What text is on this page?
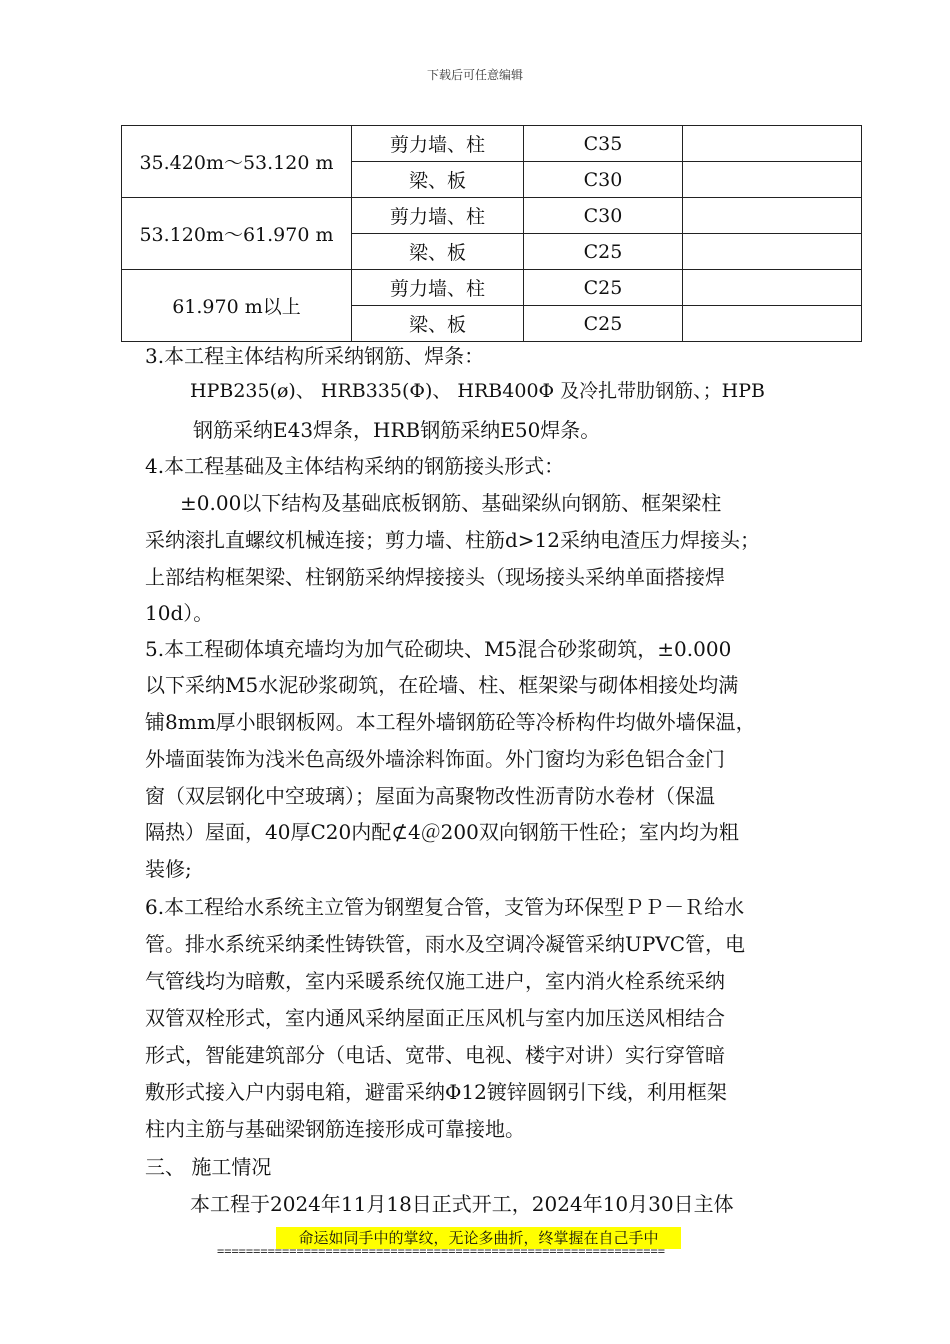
下载后可任意编辑
35.420m～53.120 m	剪力墙、柱	C35	
	梁、板	C30	
53.120m～61.970 m	剪力墙、柱	C30	
	梁、板	C25	
61.970 m以上	剪力墙、柱	C25	
	梁、板	C25	
3.本工程主体结构所采纳钢筋、焊条：
HPB235(ø)、 HRB335(Φ)、 HRB400Φ 及冷扎带肋钢筋、；HPB
钢筋采纳E43焊条，HRB钢筋采纳E50焊条。
4.本工程基础及主体结构采纳的钢筋接头形式：
±0.00以下结构及基础底板钢筋、基础梁纵向钢筋、框架梁柱
采纳滚扎直螺纹机械连接；剪力墙、柱筋d>12采纳电渣压力焊接头；
上部结构框架梁、柱钢筋采纳焊接接头（现场接头采纳单面搭接焊
10d）。
5.本工程砌体填充墙均为加气砼砌块、M5混合砂浆砌筑，±0.000
以下采纳M5水泥砂浆砌筑，在砼墙、柱、框架梁与砌体相接处均满
铺8mm厚小眼钢板网。本工程外墙钢筋砼等冷桥构件均做外墙保温，
外墙面装饰为浅米色高级外墙涂料饰面。外门窗均为彩色铝合金门
窗（双层钢化中空玻璃）；屋面为高聚物改性沥青防水卷材（保温
隔热）屋面，40厚C20内配⊄4＠200双向钢筋干性砼；室内均为粗
装修;
6.本工程给水系统主立管为钢塑复合管，支管为环保型ＰＰ－Ｒ给水
管。排水系统采纳柔性铸铁管，雨水及空调冷凝管采纳UPVC管，电
气管线均为暗敷，室内采暖系统仅施工进户，室内消火栓系统采纳
双管双栓形式，室内通风采纳屋面正压风机与室内加压送风相结合
形式，智能建筑部分（电话、宽带、电视、楼宇对讲）实行穿管暗
敷形式接入户内弱电箱，避雷采纳Φ12镀锌圆钢引下线，利用框架
柱内主筋与基础梁钢筋连接形成可靠接地。
三、 施工情况
本工程于2024年11月18日正式开工，2024年10月30日主体
命运如同手中的掌纹，无论多曲折，终掌握在自己手中
==============================================================
